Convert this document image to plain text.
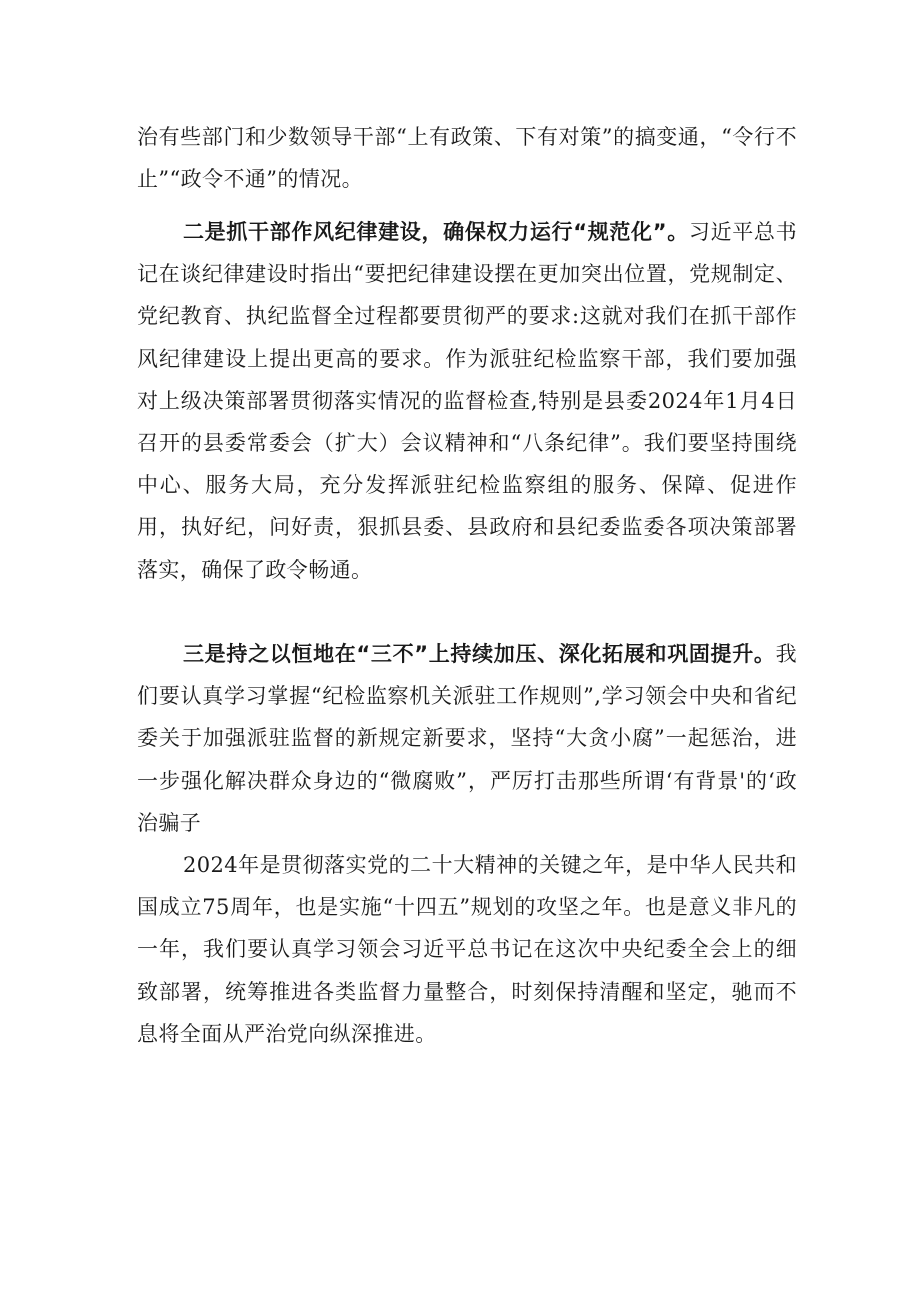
治有些部门和少数领导干部“上有政策、下有对策”的搞变通，“令行不止”“政令不通”的情况。

二是抓干部作风纪律建设，确保权力运行“规范化”。习近平总书记在谈纪律建设时指出“要把纪律建设摆在更加突出位置，党规制定、党纪教育、执纪监督全过程都要贯彻严的要求:这就对我们在抓干部作风纪律建设上提出更高的要求。作为派驻纪检监察干部，我们要加强对上级决策部署贯彻落实情况的监督检查,特别是县委2024年1月4日召开的县委常委会（扩大）会议精神和“八条纪律”。我们要坚持围绕中心、服务大局，充分发挥派驻纪检监察组的服务、保障、促进作用，执好纪，问好责，狠抓县委、县政府和县纪委监委各项决策部署落实，确保了政令畅通。

三是持之以恒地在“三不”上持续加压、深化拓展和巩固提升。我们要认真学习掌握“纪检监察机关派驻工作规则”,学习领会中央和省纪委关于加强派驻监督的新规定新要求，坚持“大贪小腐”一起惩治，进一步强化解决群众身边的“微腐败”，严厉打击那些所谓‘有背景'的‘政治骗子

2024年是贯彻落实党的二十大精神的关键之年，是中华人民共和国成立75周年，也是实施“十四五”规划的攻坚之年。也是意义非凡的一年，我们要认真学习领会习近平总书记在这次中央纪委全会上的细致部署，统筹推进各类监督力量整合，时刻保持清醒和坚定，驰而不息将全面从严治党向纵深推进。
